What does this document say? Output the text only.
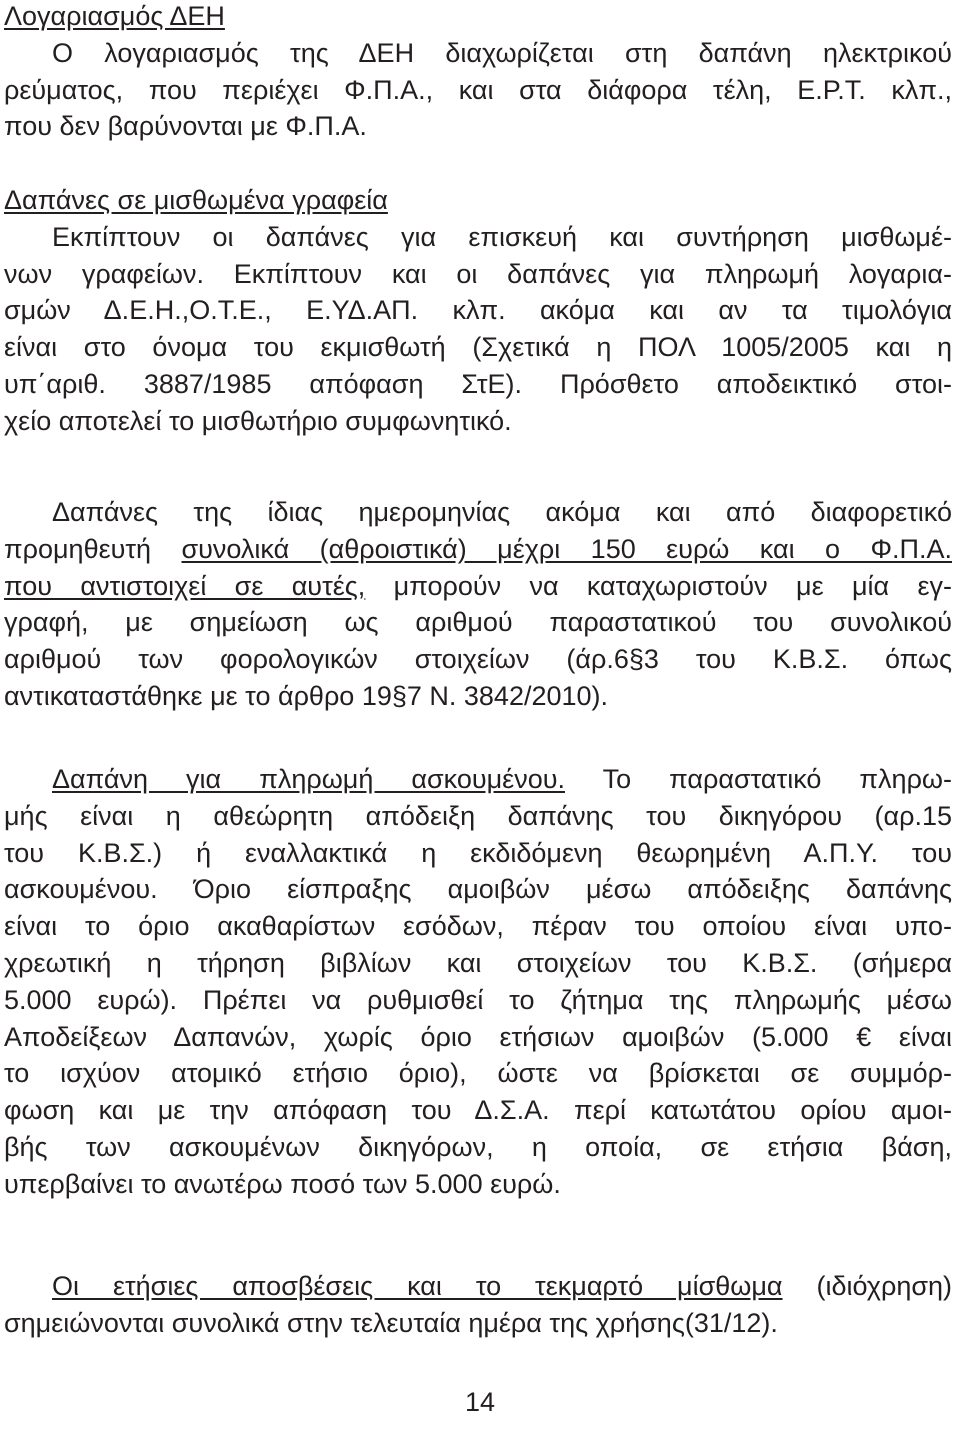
Λογαριασμός ΔΕΗ
Ο λογαριασμός της ΔΕΗ διαχωρίζεται στη δαπάνη ηλεκτρικού
ρεύματος, που περιέχει Φ.Π.Α., και στα διάφορα τέλη, Ε.Ρ.Τ. κλπ.,
που δεν βαρύνονται με Φ.Π.Α.
Δαπάνες σε μισθωμένα γραφεία
Εκπίπτουν οι δαπάνες για επισκευή και συντήρηση μισθωμέ-
νων γραφείων. Εκπίπτουν και οι δαπάνες για πληρωμή λογαρια-
σμών Δ.Ε.Η.,Ο.Τ.Ε., Ε.ΥΔ.ΑΠ. κλπ. ακόμα και αν τα τιμολόγια
είναι στο όνομα του εκμισθωτή (Σχετικά η ΠΟΛ 1005/2005 και η
υπ΄αριθ. 3887/1985 απόφαση ΣτΕ). Πρόσθετο αποδεικτικό στοι-
χείο αποτελεί το μισθωτήριο συμφωνητικό.
Δαπάνες της ίδιας ημερομηνίας ακόμα και από διαφορετικό
προμηθευτή συνολικά (αθροιστικά) μέχρι 150 ευρώ και ο Φ.Π.Α.
που αντιστοιχεί σε αυτές, μπορούν να καταχωριστούν με μία εγ-
γραφή, με σημείωση ως αριθμού παραστατικού του συνολικού
αριθμού των φορολογικών στοιχείων (άρ.6§3 του Κ.Β.Σ. όπως
αντικαταστάθηκε με το άρθρο 19§7 Ν. 3842/2010).
Δαπάνη για πληρωμή ασκουμένου. Το παραστατικό πληρω-
μής είναι η αθεώρητη απόδειξη δαπάνης του δικηγόρου (αρ.15
του Κ.Β.Σ.) ή εναλλακτικά η εκδιδόμενη θεωρημένη Α.Π.Υ. του
ασκουμένου. Όριο είσπραξης αμοιβών μέσω απόδειξης δαπάνης
είναι το όριο ακαθαρίστων εσόδων, πέραν του οποίου είναι υπο-
χρεωτική η τήρηση βιβλίων και στοιχείων του Κ.Β.Σ. (σήμερα
5.000 ευρώ). Πρέπει να ρυθμισθεί το ζήτημα της πληρωμής μέσω
Αποδείξεων Δαπανών, χωρίς όριο ετήσιων αμοιβών (5.000 € είναι
το ισχύον ατομικό ετήσιο όριο), ώστε να βρίσκεται σε συμμόρ-
φωση και με την απόφαση του Δ.Σ.Α. περί κατωτάτου ορίου αμοι-
βής των ασκουμένων δικηγόρων, η οποία, σε ετήσια βάση,
υπερβαίνει το ανωτέρω ποσό των 5.000 ευρώ.
Οι ετήσιες αποσβέσεις και το τεκμαρτό μίσθωμα (ιδιόχρηση)
σημειώνονται συνολικά στην τελευταία ημέρα της χρήσης(31/12).
14
